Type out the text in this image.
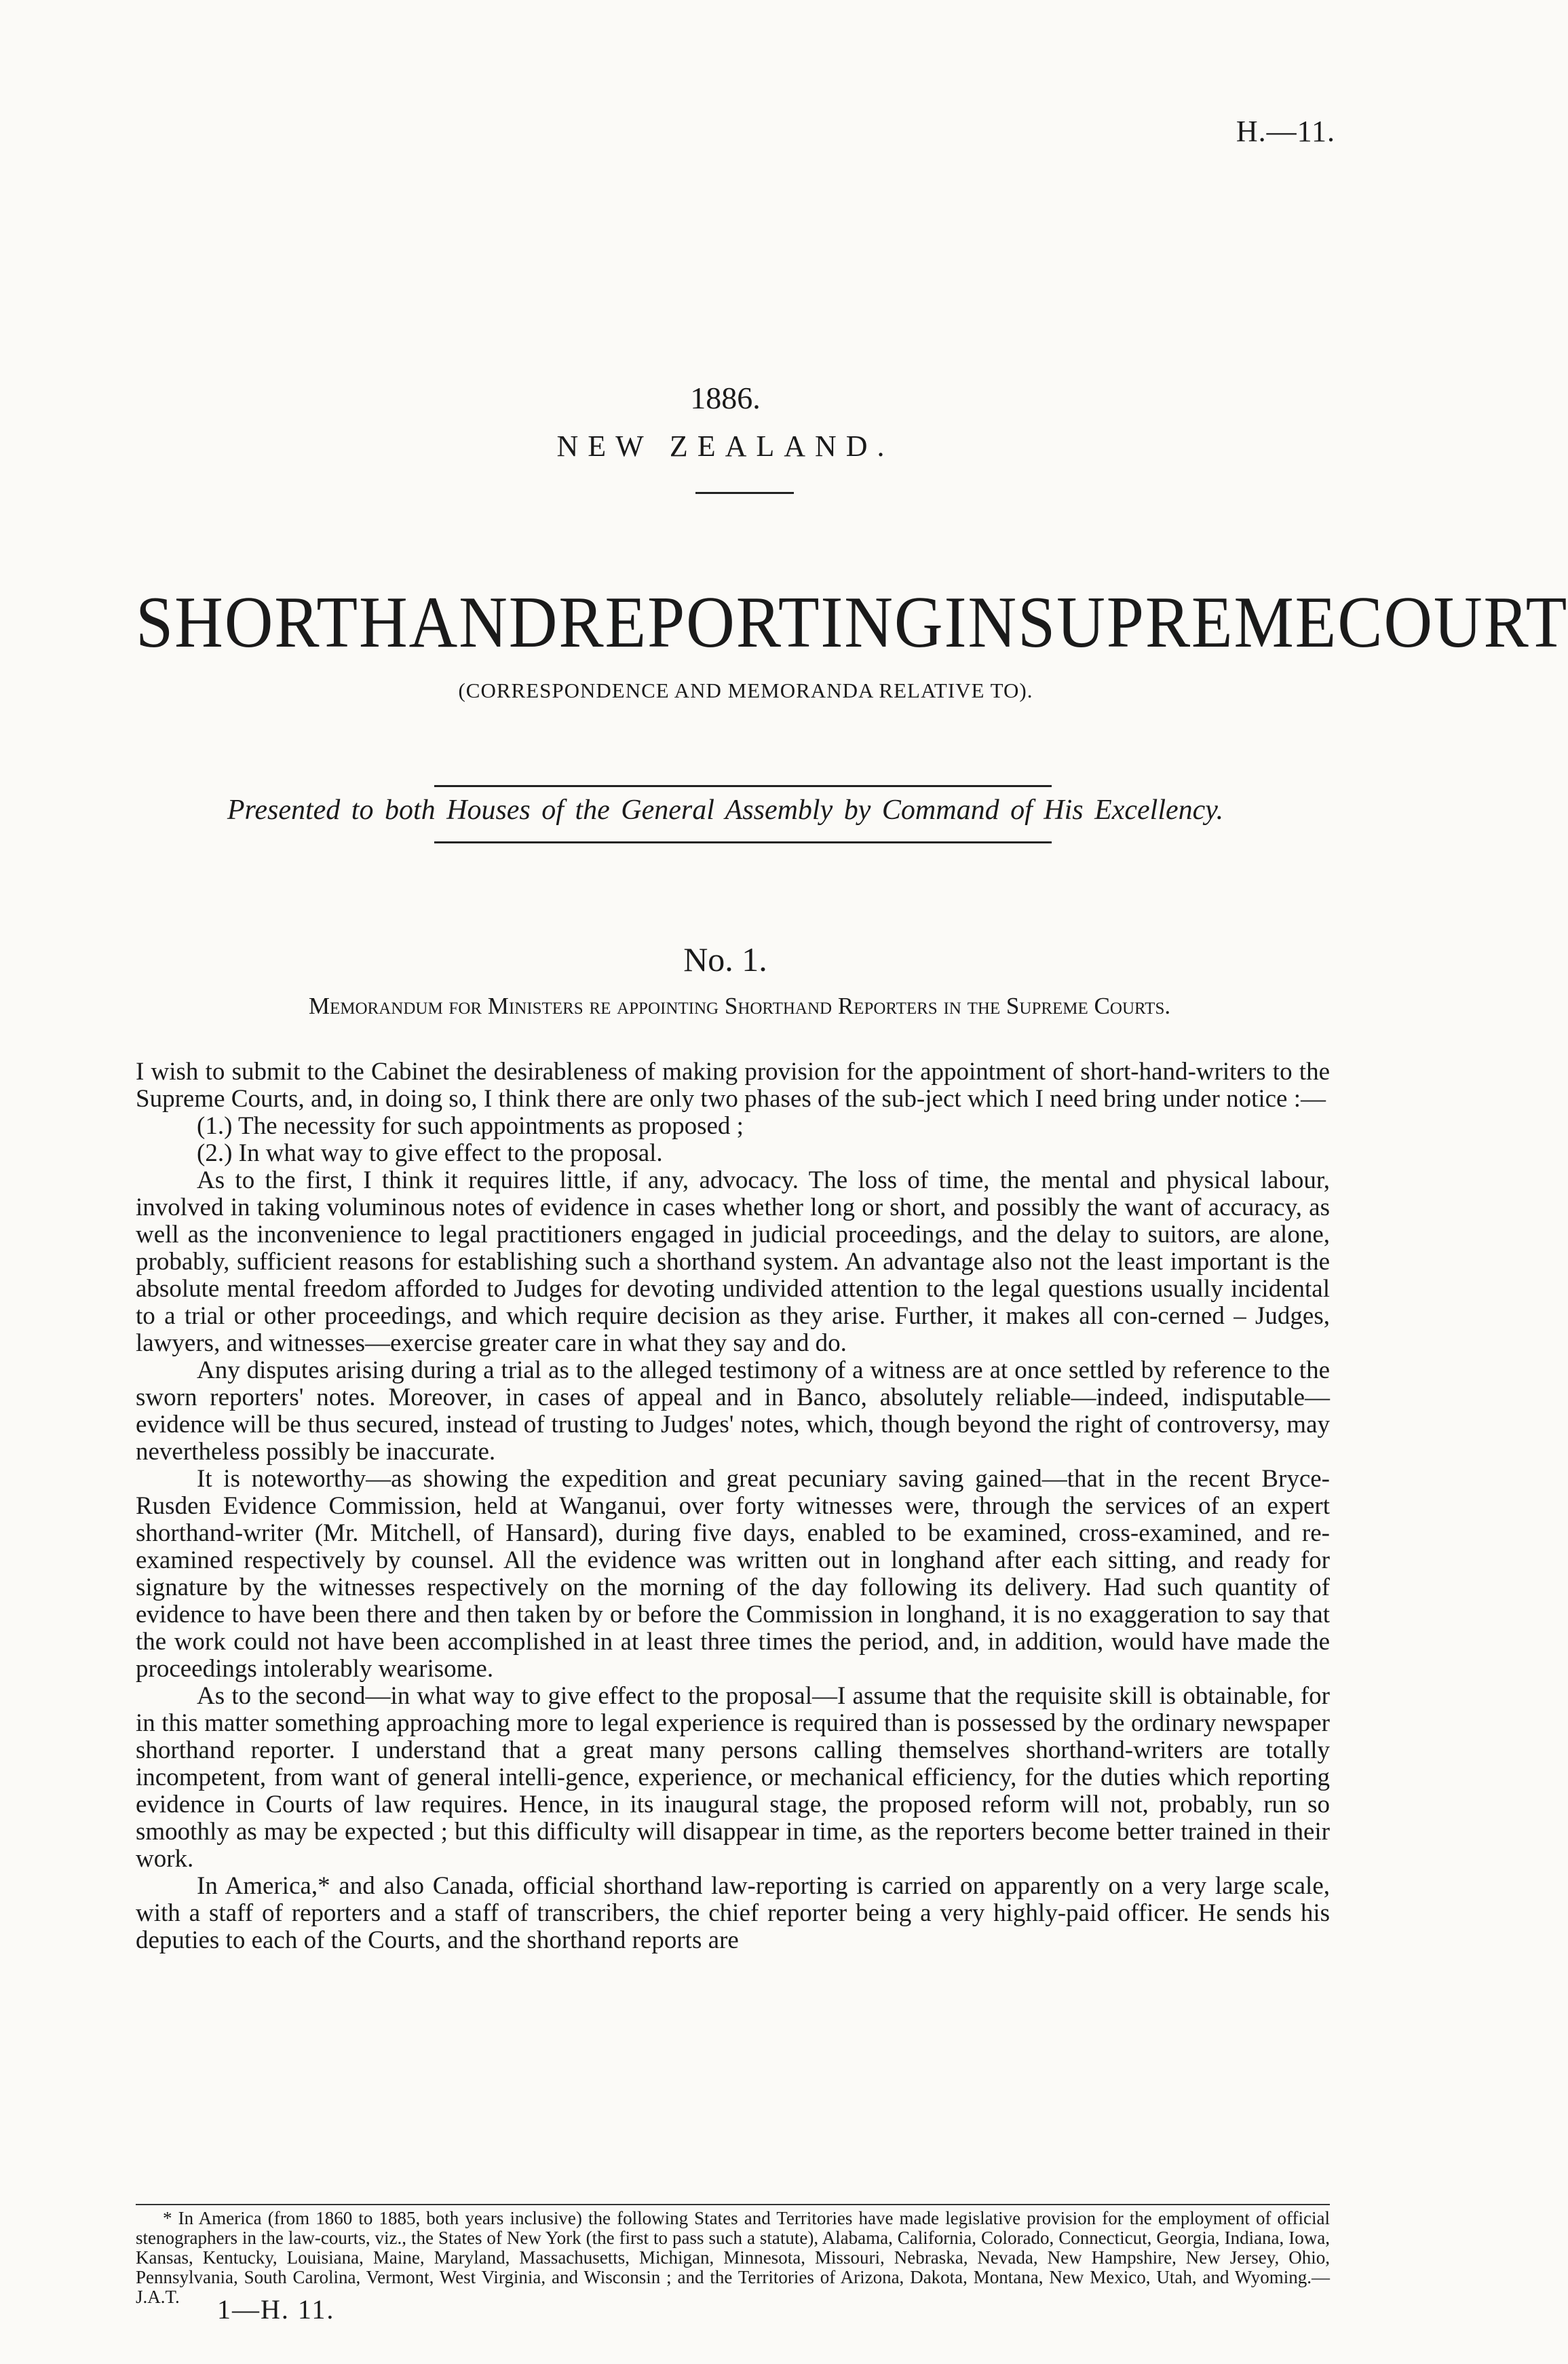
H.—11.
1886.
NEW ZEALAND.
SHORTHAND REPORTING IN SUPREME COURT
(CORRESPONDENCE AND MEMORANDA RELATIVE TO).
Presented to both Houses of the General Assembly by Command of His Excellency.
No. 1.
Memorandum for Ministers re appointing Shorthand Reporters in the Supreme Courts.

I wish to submit to the Cabinet the desirableness of making provision for the appointment of short-hand-writers to the Supreme Courts, and, in doing so, I think there are only two phases of the sub-ject which I need bring under notice :—

(1.) The necessity for such appointments as proposed ;

(2.) In what way to give effect to the proposal.

As to the first, I think it requires little, if any, advocacy. The loss of time, the mental and physical labour, involved in taking voluminous notes of evidence in cases whether long or short, and possibly the want of accuracy, as well as the inconvenience to legal practitioners engaged in judicial proceedings, and the delay to suitors, are alone, probably, sufficient reasons for establishing such a shorthand system. An advantage also not the least important is the absolute mental freedom afforded to Judges for devoting undivided attention to the legal questions usually incidental to a trial or other proceedings, and which require decision as they arise. Further, it makes all con-cerned – Judges, lawyers, and witnesses—exercise greater care in what they say and do.

Any disputes arising during a trial as to the alleged testimony of a witness are at once settled by reference to the sworn reporters' notes. Moreover, in cases of appeal and in Banco, absolutely reliable—indeed, indisputable—evidence will be thus secured, instead of trusting to Judges' notes, which, though beyond the right of controversy, may nevertheless possibly be inaccurate.

It is noteworthy—as showing the expedition and great pecuniary saving gained—that in the recent Bryce-Rusden Evidence Commission, held at Wanganui, over forty witnesses were, through the services of an expert shorthand-writer (Mr. Mitchell, of Hansard), during five days, enabled to be examined, cross-examined, and re-examined respectively by counsel. All the evidence was written out in longhand after each sitting, and ready for signature by the witnesses respectively on the morning of the day following its delivery. Had such quantity of evidence to have been there and then taken by or before the Commission in longhand, it is no exaggeration to say that the work could not have been accomplished in at least three times the period, and, in addition, would have made the proceedings intolerably wearisome.

As to the second—in what way to give effect to the proposal—I assume that the requisite skill is obtainable, for in this matter something approaching more to legal experience is required than is possessed by the ordinary newspaper shorthand reporter. I understand that a great many persons calling themselves shorthand-writers are totally incompetent, from want of general intelli-gence, experience, or mechanical efficiency, for the duties which reporting evidence in Courts of law requires. Hence, in its inaugural stage, the proposed reform will not, probably, run so smoothly as may be expected ; but this difficulty will disappear in time, as the reporters become better trained in their work.

In America,* and also Canada, official shorthand law-reporting is carried on apparently on a very large scale, with a staff of reporters and a staff of transcribers, the chief reporter being a very highly-paid officer. He sends his deputies to each of the Courts, and the shorthand reports are

* In America (from 1860 to 1885, both years inclusive) the following States and Territories have made legislative provision for the employment of official stenographers in the law-courts, viz., the States of New York (the first to pass such a statute), Alabama, California, Colorado, Connecticut, Georgia, Indiana, Iowa, Kansas, Kentucky, Louisiana, Maine, Maryland, Massachusetts, Michigan, Minnesota, Missouri, Nebraska, Nevada, New Hampshire, New Jersey, Ohio, Pennsylvania, South Carolina, Vermont, West Virginia, and Wisconsin ; and the Territories of Arizona, Dakota, Montana, New Mexico, Utah, and Wyoming.—J.A.T.	1—H. 11.
